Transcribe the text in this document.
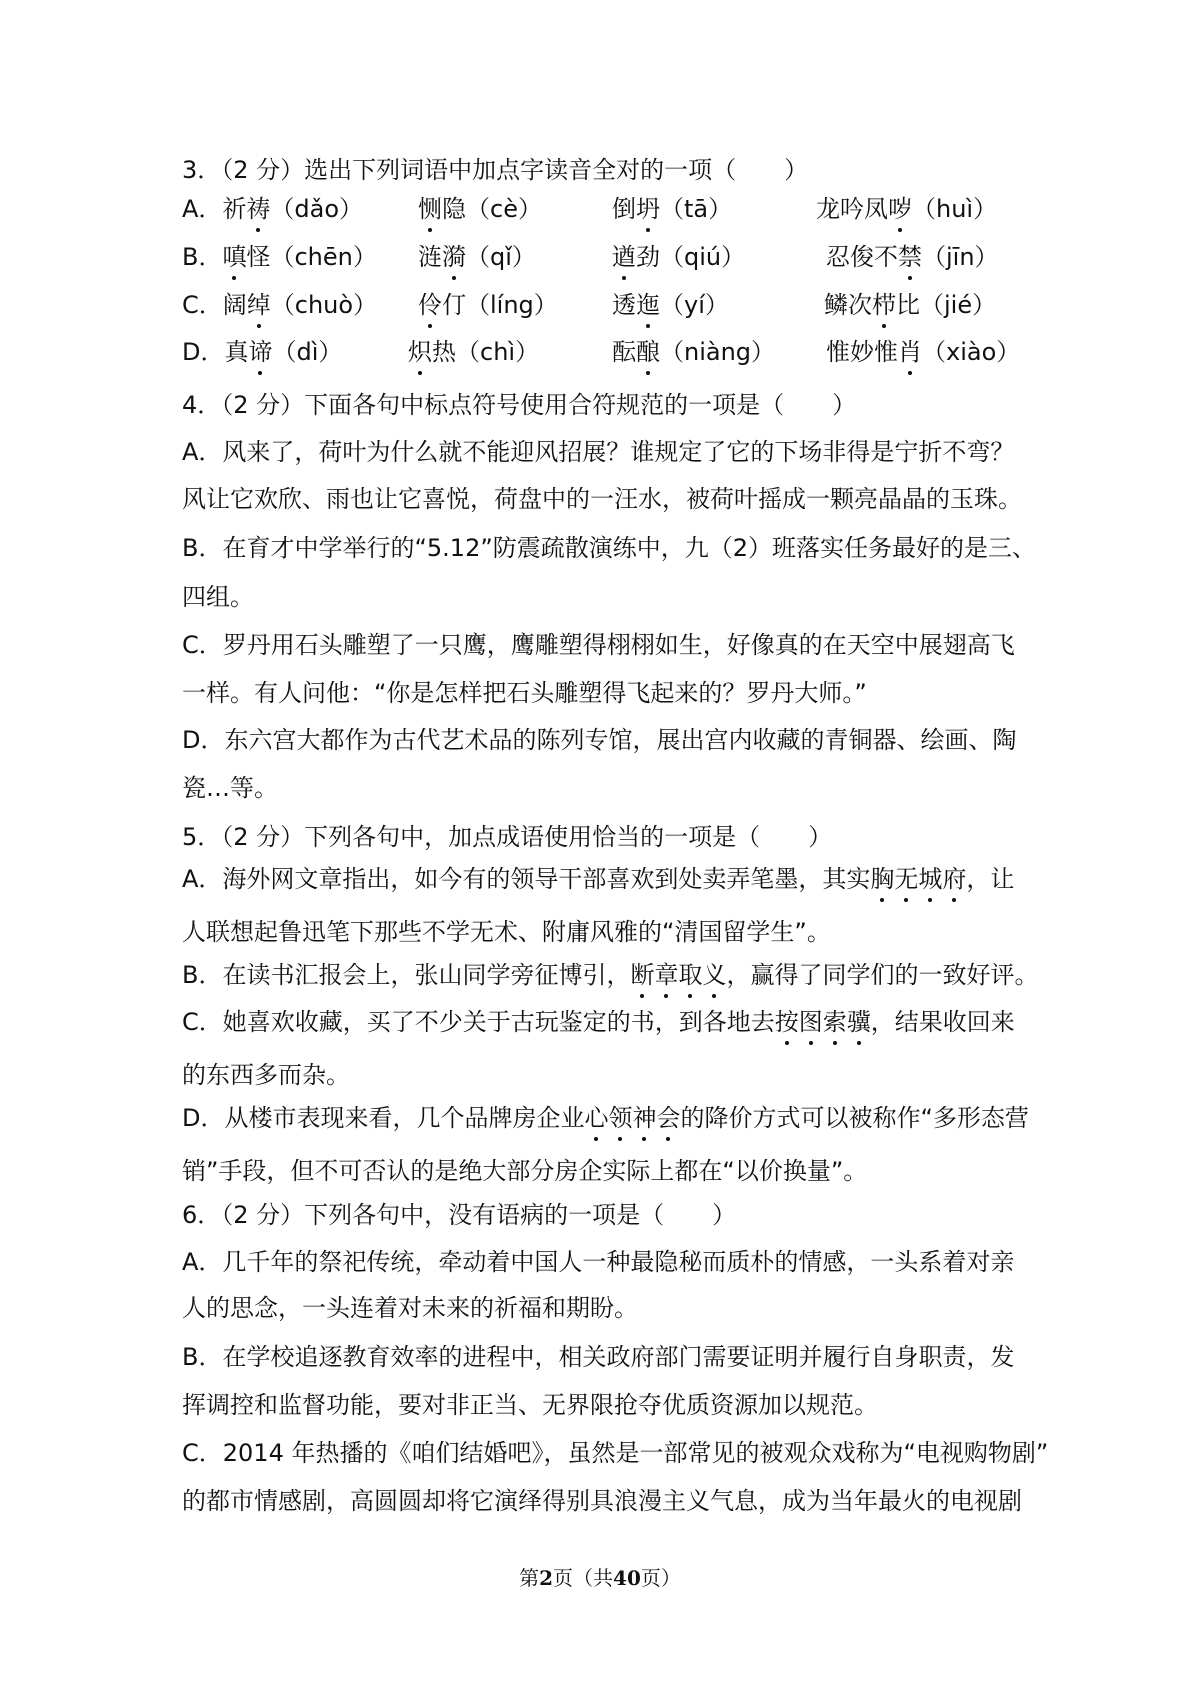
3．（2 分）选出下列词语中加点字读音全对的一项（　　）
A．祈祷（dǎo） 恻隐（cè）	倒坍（tā）	龙吟凤哕（huì）
B．嗔怪（chēn） 涟漪（qǐ）	遒劲（qiú）	忍俊不禁（jīn）
C．阔绰（chuò） 伶仃（líng） 透迤（yí）	鳞次栉比（jié）
D．真谛（dì）	炽热（chì）	酝酿（niàng） 惟妙惟肖（xiào）
4．（2 分）下面各句中标点符号使用合符规范的一项是（　　）
A．风来了，荷叶为什么就不能迎风招展？谁规定了它的下场非得是宁折不弯？
风让它欢欣、雨也让它喜悦，荷盘中的一汪水，被荷叶摇成一颗亮晶晶的玉珠。
B．在育才中学举行的“5.12”防震疏散演练中，九（2）班落实任务最好的是三、
四组。
C．罗丹用石头雕塑了一只鹰，鹰雕塑得栩栩如生，好像真的在天空中展翅高飞
一样。有人问他：“你是怎样把石头雕塑得飞起来的？罗丹大师。”
D．东六宫大都作为古代艺术品的陈列专馆，展出宫内收藏的青铜器、绘画、陶
瓷…等。
5．（2 分）下列各句中，加点成语使用恰当的一项是（　　）
A．海外网文章指出，如今有的领导干部喜欢到处卖弄笔墨，其实胸无城府，让
人联想起鲁迅笔下那些不学无术、附庸风雅的“清国留学生”。
B．在读书汇报会上，张山同学旁征博引，断章取义，赢得了同学们的一致好评。
C．她喜欢收藏，买了不少关于古玩鉴定的书，到各地去按图索骥，结果收回来
的东西多而杂。
D．从楼市表现来看，几个品牌房企业心领神会的降价方式可以被称作“多形态营
销”手段，但不可否认的是绝大部分房企实际上都在“以价换量”。
6．（2 分）下列各句中，没有语病的一项是（　　）
A．几千年的祭祀传统，牵动着中国人一种最隐秘而质朴的情感，一头系着对亲
人的思念，一头连着对未来的祈福和期盼。
B．在学校追逐教育效率的进程中，相关政府部门需要证明并履行自身职责，发
挥调控和监督功能，要对非正当、无界限抢夺优质资源加以规范。
C．2014 年热播的《咱们结婚吧》，虽然是一部常见的被观众戏称为“电视购物剧”
的都市情感剧，高圆圆却将它演绎得别具浪漫主义气息，成为当年最火的电视剧
第2页（共40页）
